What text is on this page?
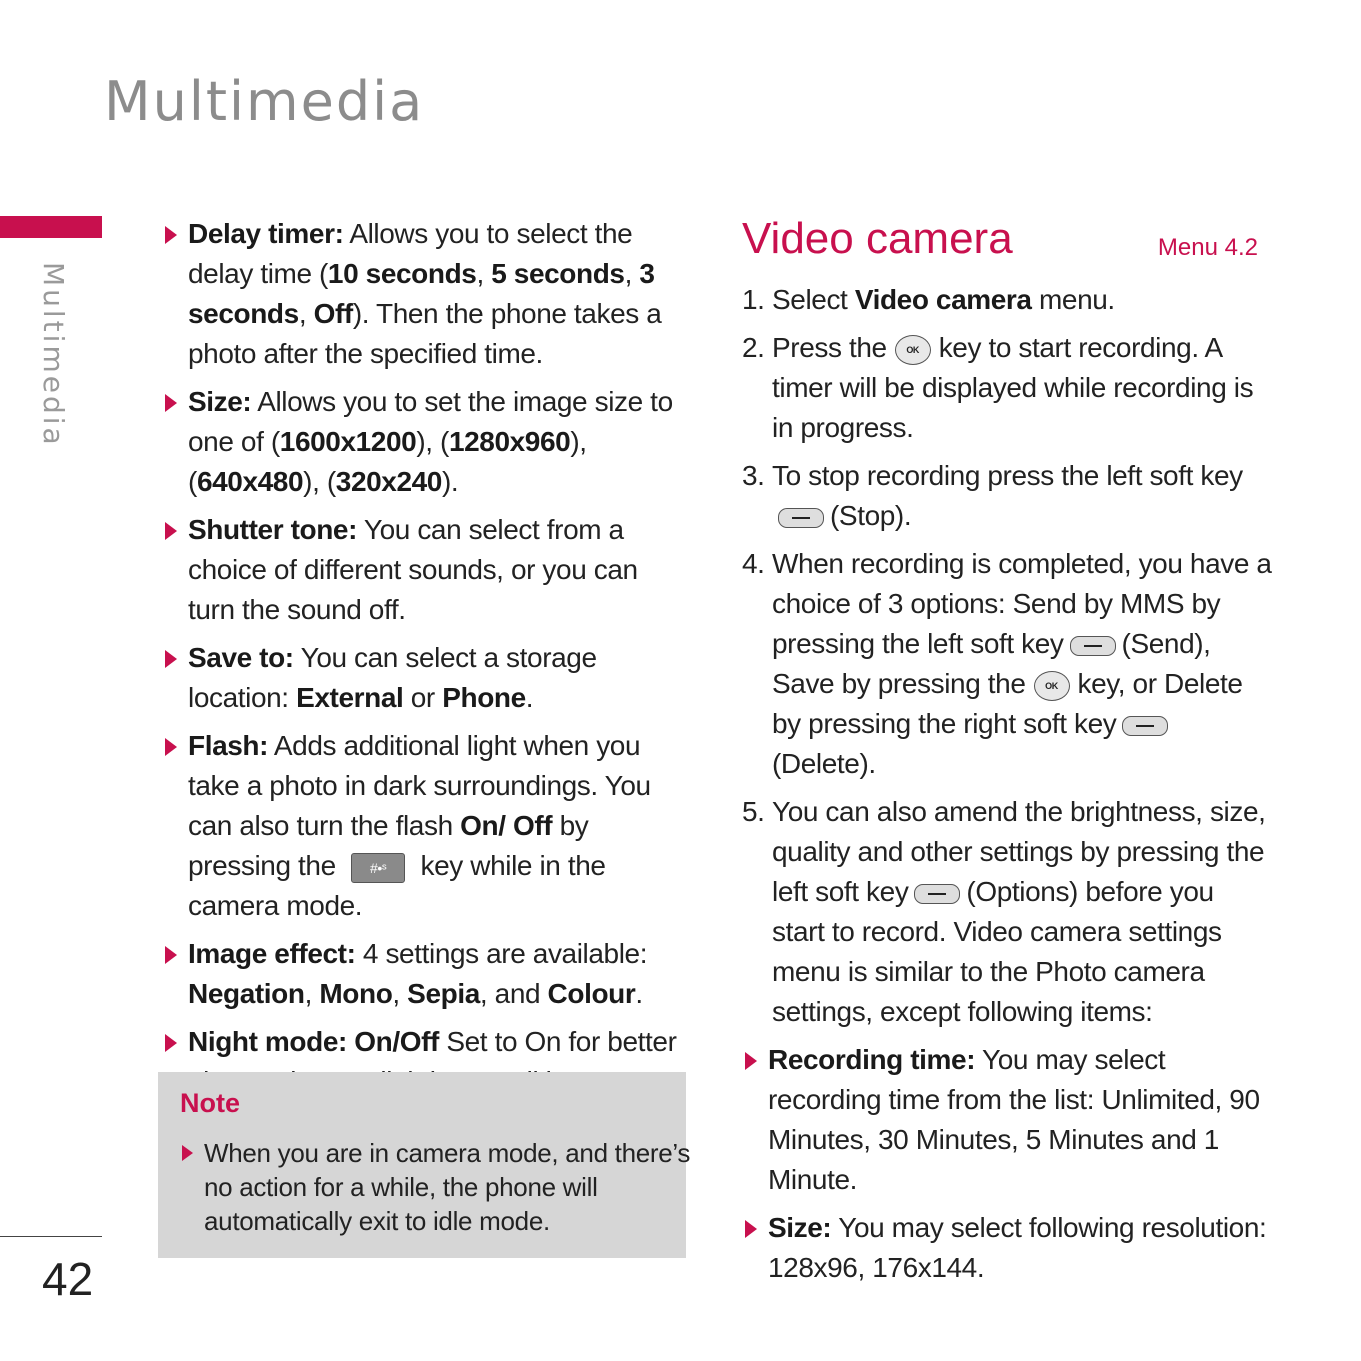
Multimedia
Multimedia
Delay timer: Allows you to select the delay time (10 seconds, 5 seconds, 3 seconds, Off). Then the phone takes a photo after the specified time.
Size: Allows you to set the image size to one of (1600x1200), (1280x960), (640x480), (320x240).
Shutter tone: You can select from a choice of different sounds, or you can turn the sound off.
Save to: You can select a storage location: External or Phone.
Flash: Adds additional light when you take a photo in dark surroundings. You can also turn the flash On/ Off by pressing the #•ˢ key while in the camera mode.
Image effect: 4 settings are available: Negation, Mono, Sepia, and Colour.
Night mode: On/Off Set to On for better
Note
When you are in camera mode, and there’s no action for a while, the phone will automatically exit to idle mode.
Video camera	Menu 4.2
1. Select Video camera menu.
2. Press the OK key to start recording. A timer will be displayed while recording is in progress.
3. To stop recording press the left soft key(Stop).
4. When recording is completed, you have a choice of 3 options: Send by MMS by pressing the left soft key (Send), Save by pressing the OK key, or Delete by pressing the right soft key(Delete).
5. You can also amend the brightness, size, quality and other settings by pressing the left soft key (Options) before you start to record. Video camera settings menu is similar to the Photo camera settings, except following items:
Recording time: You may select recording time from the list: Unlimited, 90 Minutes, 30 Minutes, 5 Minutes and 1 Minute.
Size: You may select following resolution: 128x96, 176x144.
42
